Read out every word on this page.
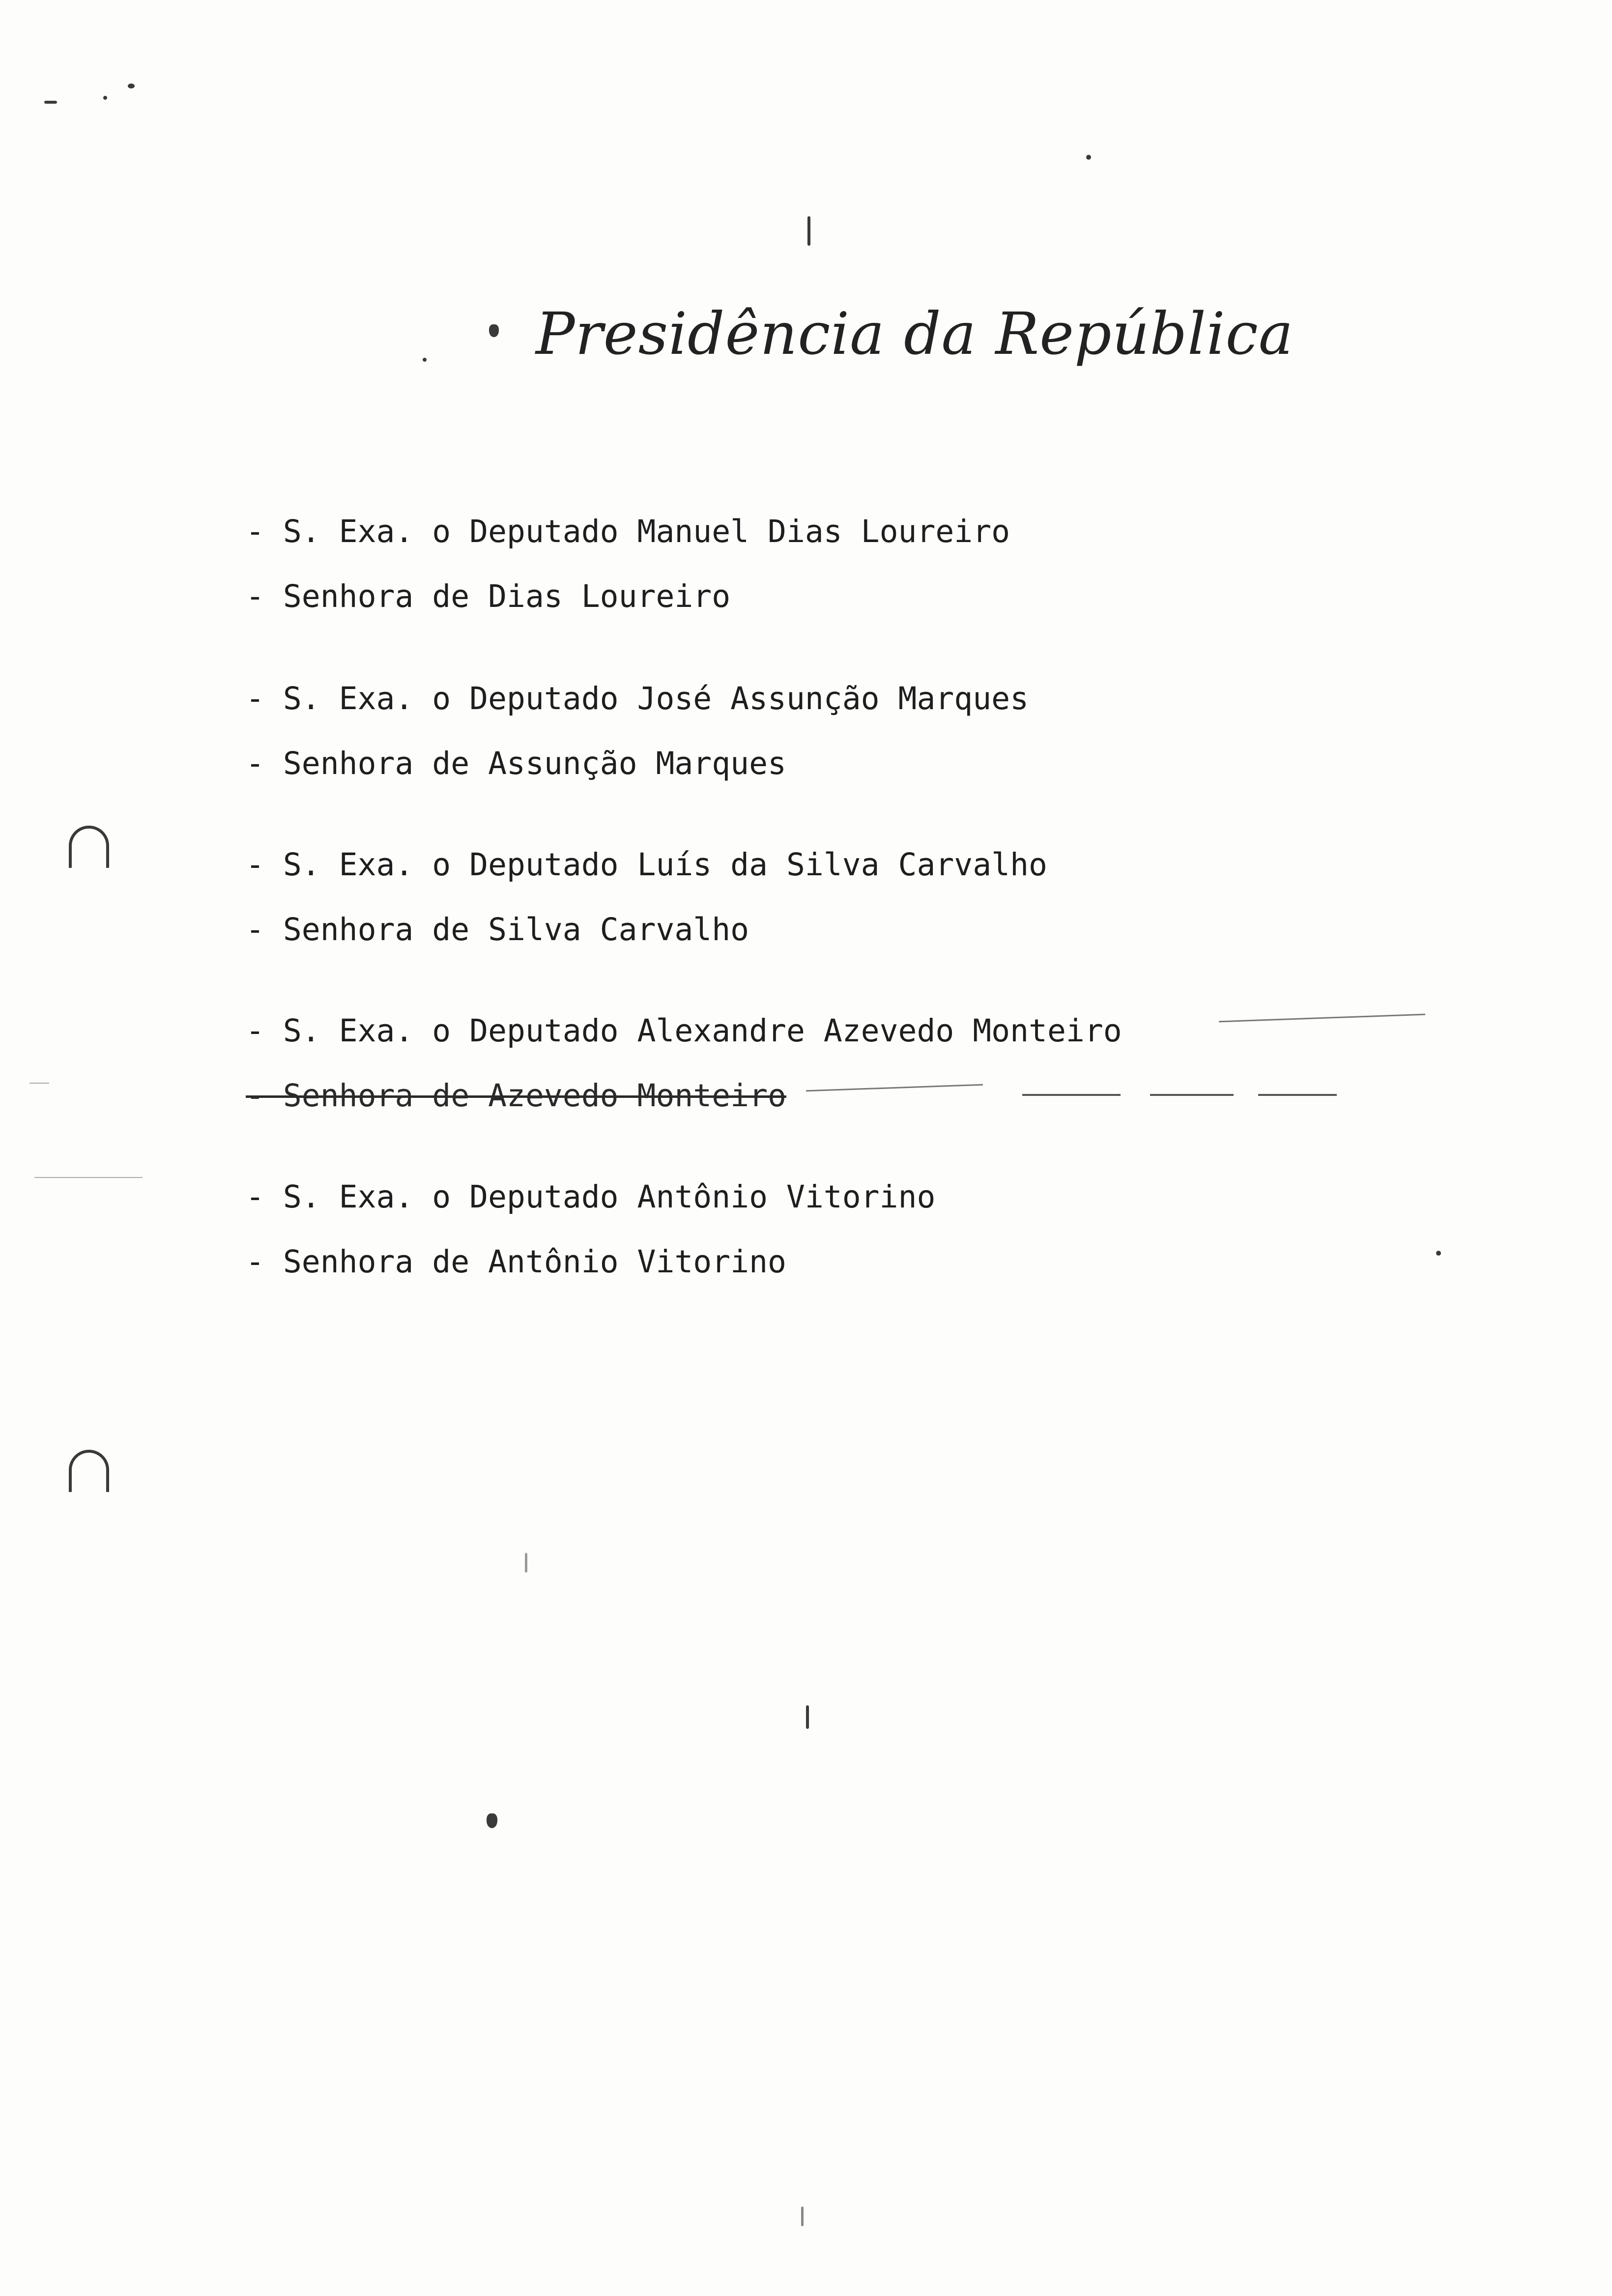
Presidência da República
- S. Exa. o Deputado Manuel Dias Loureiro
- Senhora de Dias Loureiro
- S. Exa. o Deputado José Assunção Marques
- Senhora de Assunção Marques
- S. Exa. o Deputado Luís da Silva Carvalho
- Senhora de Silva Carvalho
- S. Exa. o Deputado Alexandre Azevedo Monteiro
- Senhora de Azevedo Monteiro
- S. Exa. o Deputado Antônio Vitorino
- Senhora de Antônio Vitorino
